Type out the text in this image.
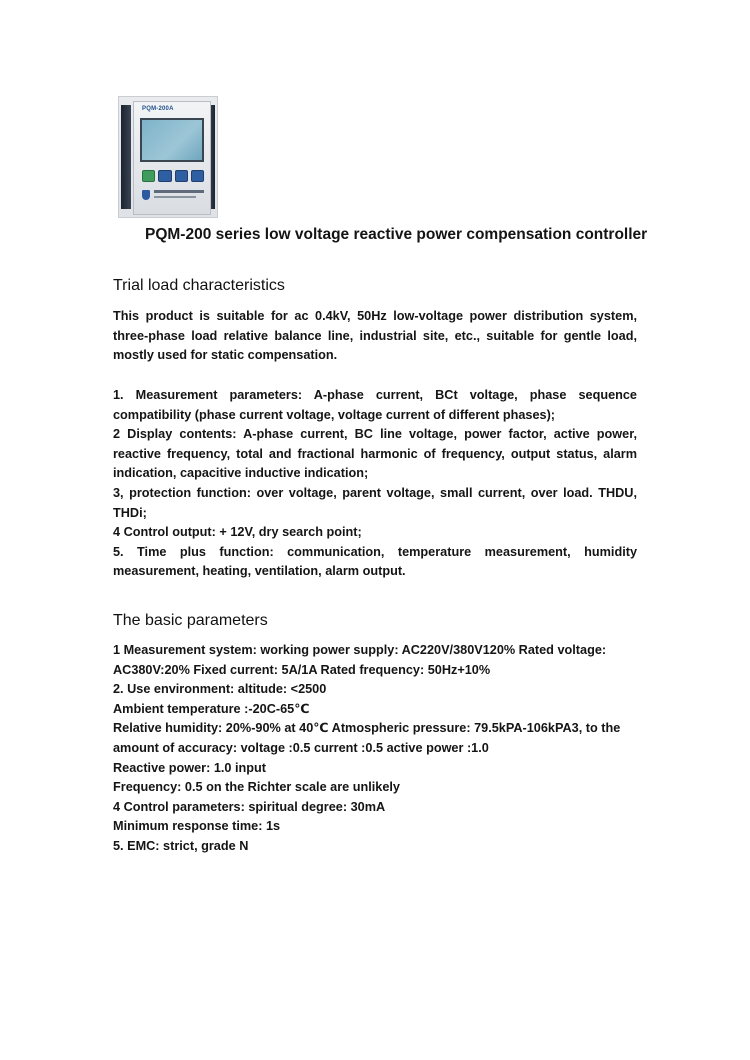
PQM-200A
PQM-200 series low voltage reactive power compensation controller
Trial load characteristics

This product is suitable for ac 0.4kV, 50Hz low-voltage power distribution system, three-phase load relative balance line, industrial site, etc., suitable for gentle load, mostly used for static compensation.

1. Measurement parameters: A-phase current, BCt voltage, phase sequence compatibility (phase current voltage, voltage current of different phases);
2 Display contents: A-phase current, BC line voltage, power factor, active power, reactive frequency, total and fractional harmonic of frequency, output status, alarm indication, capacitive inductive indication;
3, protection function: over voltage, parent voltage, small current, over load. THDU, THDi;
4 Control output: + 12V, dry search point;
5. Time plus function: communication, temperature measurement, humidity measurement, heating, ventilation, alarm output.
The basic parameters
1 Measurement system: working power supply: AC220V/380V120% Rated voltage: AC380V:20% Fixed current: 5A/1A Rated frequency: 50Hz+10%
2. Use environment: altitude: <2500
Ambient temperature :-20C-65℃
Relative humidity: 20%-90% at 40℃ Atmospheric pressure: 79.5kPA-106kPA3, to the amount of accuracy: voltage :0.5 current :0.5 active power :1.0
Reactive power: 1.0 input
Frequency: 0.5 on the Richter scale are unlikely
4 Control parameters: spiritual degree: 30mA
Minimum response time: 1s
5. EMC: strict, grade N
